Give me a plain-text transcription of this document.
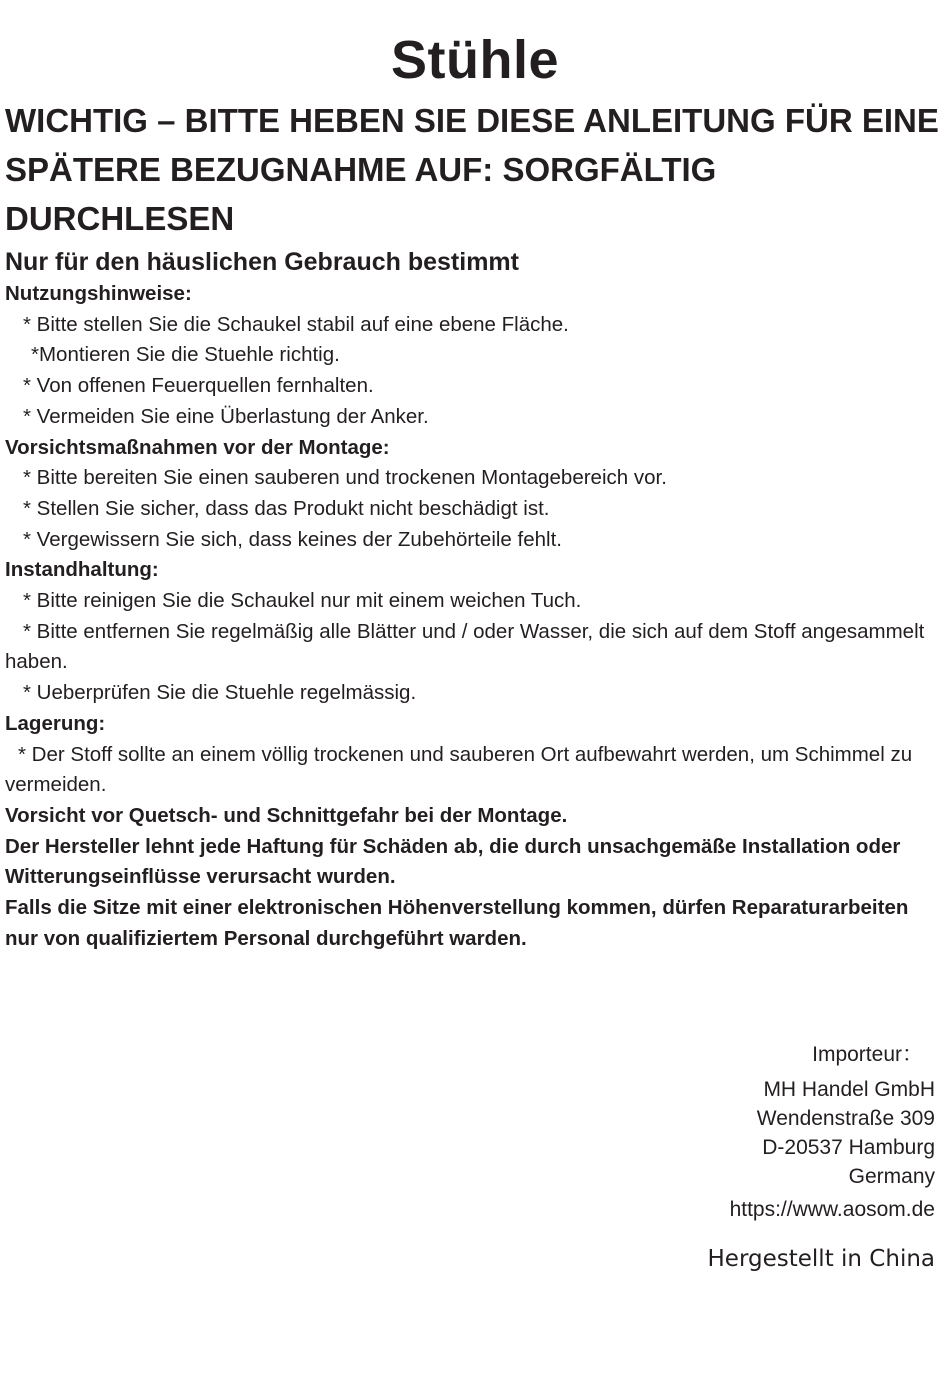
Stühle
WICHTIG – BITTE HEBEN SIE DIESE ANLEITUNG FÜR EINE
SPÄTERE BEZUGNAHME AUF: SORGFÄLTIG
DURCHLESEN
Nur für den häuslichen Gebrauch bestimmt

Nutzungshinweise:

* Bitte stellen Sie die Schaukel stabil auf eine ebene Fläche.

*Montieren Sie die Stuehle richtig.

* Von offenen Feuerquellen fernhalten.

* Vermeiden Sie eine Überlastung der Anker.

Vorsichtsmaßnahmen vor der Montage:

* Bitte bereiten Sie einen sauberen und trockenen Montagebereich vor.

* Stellen Sie sicher, dass das Produkt nicht beschädigt ist.

* Vergewissern Sie sich, dass keines der Zubehörteile fehlt.

Instandhaltung:

* Bitte reinigen Sie die Schaukel nur mit einem weichen Tuch.

* Bitte entfernen Sie regelmäßig alle Blätter und / oder Wasser, die sich auf dem Stoff angesammelt haben.

* Ueberprüfen Sie die Stuehle regelmässig.

Lagerung:

* Der Stoff sollte an einem völlig trockenen und sauberen Ort aufbewahrt werden, um Schimmel zu vermeiden.

Vorsicht vor Quetsch- und Schnittgefahr bei der Montage.

Der Hersteller lehnt jede Haftung für Schäden ab, die durch unsachgemäße Installation oder Witterungseinflüsse verursacht wurden.

Falls die Sitze mit einer elektronischen Höhenverstellung kommen, dürfen Reparaturarbeiten nur von qualifiziertem Personal durchgeführt warden.

Importeur：
MH Handel GmbH
Wendenstraße 309
D-20537 Hamburg
Germany
https://www.aosom.de
Hergestellt in China
